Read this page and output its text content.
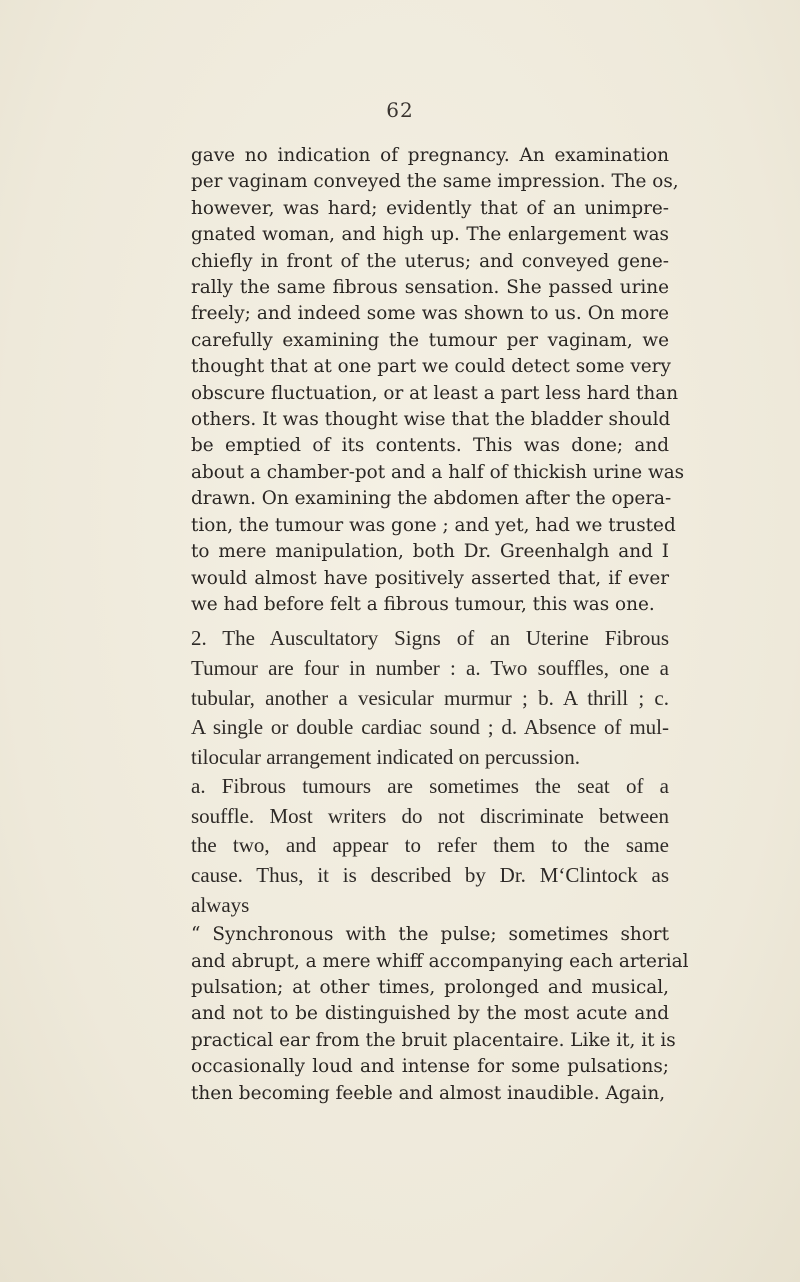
62
gave no indication of pregnancy. An examination
per vaginam conveyed the same impression. The os,
however, was hard; evidently that of an unimpre-
gnated woman, and high up. The enlargement was
chiefly in front of the uterus; and conveyed gene-
rally the same fibrous sensation. She passed urine
freely; and indeed some was shown to us. On more
carefully examining the tumour per vaginam, we
thought that at one part we could detect some very
obscure fluctuation, or at least a part less hard than
others. It was thought wise that the bladder should
be emptied of its contents. This was done; and
about a chamber-pot and a half of thickish urine was
drawn. On examining the abdomen after the opera-
tion, the tumour was gone ; and yet, had we trusted
to mere manipulation, both Dr. Greenhalgh and I
would almost have positively asserted that, if ever
we had before felt a fibrous tumour, this was one.
2. The Auscultatory Signs of an Uterine Fibrous
Tumour are four in number : a. Two souffles, one a
tubular, another a vesicular murmur ; b. A thrill ; c.
A single or double cardiac sound ; d. Absence of mul-
tilocular arrangement indicated on percussion.
a. Fibrous tumours are sometimes the seat of a
souffle. Most writers do not discriminate between
the two, and appear to refer them to the same
cause. Thus, it is described by Dr. M‘Clintock as
always
“ Synchronous with the pulse; sometimes short
and abrupt, a mere whiff accompanying each arterial
pulsation; at other times, prolonged and musical,
and not to be distinguished by the most acute and
practical ear from the bruit placentaire. Like it, it is
occasionally loud and intense for some pulsations;
then becoming feeble and almost inaudible. Again,
